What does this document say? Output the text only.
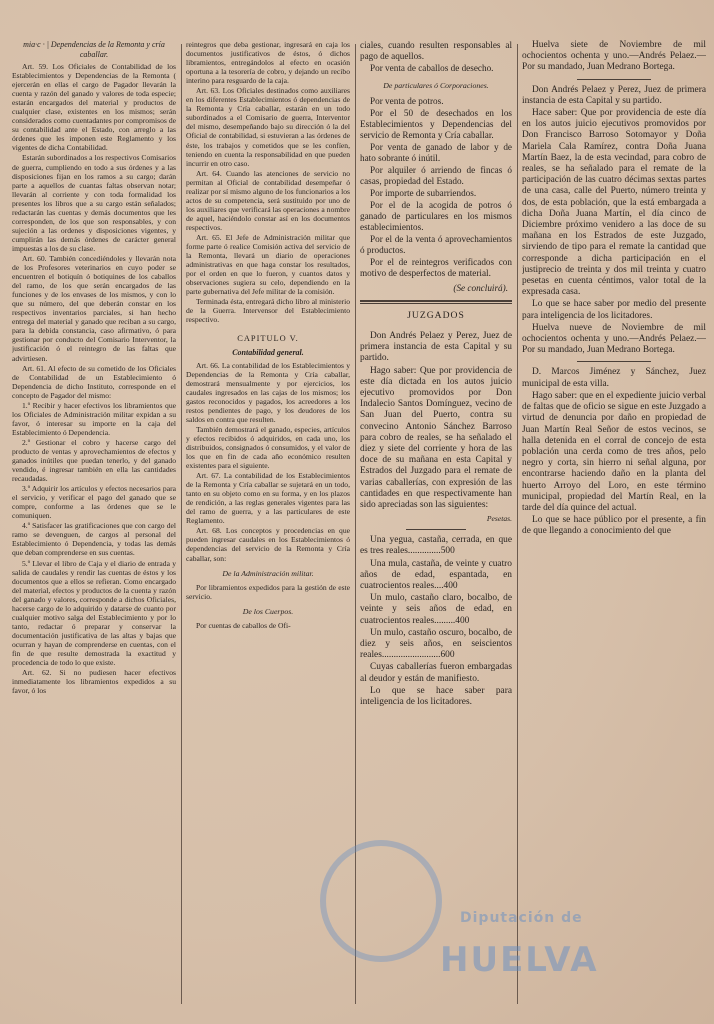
mia·c · | Dependencias de la Remonta y cría caballar.

Art. 59. Los Oficiales de Contabilidad de los Establecimientos y Dependencias de la Remonta ( ejercerán en ellas el cargo de Pagador llevarán la cuenta y razón del ganado y valores de toda especie; estarán encargados del material y productos de cualquier clase, existentes en los mismos; serán considerados como cuentadantes por compromisos de su contabilidad ante el Estado, con arreglo a las órdenes que les imponen este Reglamento y los vigentes de dicha Contabilidad.

Estarán subordinados a los respectivos Comisarios de guerra, cumpliendo en todo a sus órdenes y a las disposiciones fijan en los ramos a su cargo; darán parte a aquellos de cuantas faltas observan notar; llevarán al corriente y con toda formalidad los presentes los libros que a su cargo están señalados; redactarán las cuentas y demás documentos que les corresponden, de los que son responsables, y con sujeción a las ordenes y disposiciones vigentes, y cumplirán las demás órdenes de carácter general impuestas a los de su clase.

Art. 60. También concediéndoles y llevarán nota de los Profesores veterinarios en cuyo poder se encuentren el botiquín ó botiquines de los caballos del ramo, de los que serán encargados de las funciones y de los envases de los mismos, y con lo que su número, del que deberán constar en los respectivos inventarios parciales, si han hecho entrega del material y ganado que reciban a su cargo, para la debida constancia, caso afirmativo, ó para gestionar por conducto del Comisario Interventor, la justificación ó el reintegro de las faltas que advirtiesen.

Art. 61. Al efecto de su cometido de los Oficiales de Contabilidad de un Establecimiento ó Dependencia de dicho Instituto, corresponde en el concepto de Pagador del mismo:

1.º Recibir y hacer efectivos los libramientos que los Oficiales de Administración militar expidan a su favor, ó interesar su importe en la caja del Establecimiento ó Dependencia.

2.º Gestionar el cobro y hacerse cargo del producto de ventas y aprovechamientos de efectos y ganados inútiles que puedan tenerlo, y del ganado vendido, é ingresar también en ella las cantidades recaudadas.

3.º Adquirir los artículos y efectos necesarios para el servicio, y verificar el pago del ganado que se compre, conforme a las órdenes que se le comuniquen.

4.º Satisfacer las gratificaciones que con cargo del ramo se devenguen, de cargos al personal del Establecimiento ó Dependencia, y todas las demás que deban comprenderse en sus cuentas.

5.º Llevar el libro de Caja y el diario de entrada y salida de caudales y rendir las cuentas de éstos y los documentos que a ellos se refieran. Como encargado del material, efectos y productos de la cuenta y razón del ganado y valores, corresponde a dichos Oficiales, hacerse cargo de lo adquirido y datarse de cuanto por cualquier motivo salga del Establecimiento y por lo tanto, redactar ó preparar y conservar la documentación justificativa de las altas y bajas que ocurran y hayan de comprenderse en cuentas, con el fin de que resulte demostrada la exactitud y procedencia de todo lo que existe.

Art. 62. Si no pudiesen hacer efectivos inmediatamente los libramientos expedidos a su favor, ó los

reintegros que deba gestionar, ingresará en caja los documentos justificativos de éstos, ó dichos libramientos, entregándolos al efecto en ocasión oportuna a la tesorería de cobro, y dejando un recibo interino para resguardo de la caja.

Art. 63. Los Oficiales destinados como auxiliares en los diferentes Establecimientos ó dependencias de la Remonta y Cría caballar, estarán en un todo subordinados a el Comisario de guerra, Interventor del mismo, desempeñando bajo su dirección ó la del Oficial de contabilidad, si estuvieran a las órdenes de éste, los trabajos y cometidos que se les confíen, teniendo en cuenta la responsabilidad en que pueden incurrir en otro caso.

Art. 64. Cuando las atenciones de servicio no permitan al Oficial de contabilidad desempeñar ó realizar por sí mismo alguno de los funcionarios a los actos de su competencia, será sustituido por uno de los auxiliares que verificará las operaciones a nombre de aquel, haciéndolo constar así en los documentos respectivos.

Art. 65. El Jefe de Administración militar que forme parte ó realice Comisión activa del servicio de la Remonta, llevará un diario de operaciones administrativas en que haga constar los resultados, por el orden en que lo fueron, y cuantos datos y observaciones sugiera su celo, dependiendo en la parte gubernativa del Jefe militar de la comisión.

Terminada ésta, entregará dicho libro al ministerio de la Guerra. Intervensor del Establecimiento respectivo.

CAPITULO V.
Contabilidad general.

Art. 66. La contabilidad de los Establecimientos y Dependencias de la Remonta y Cría caballar, demostrará mensualmente y por ejercicios, los caudales ingresados en las cajas de los mismos; los gastos reconocidos y pagados, los acreedores a los restos pendientes de pago, y los deudores de los saldos en contra que resulten.

También demostrará el ganado, especies, artículos y efectos recibidos ó adquiridos, en cada uno, los distribuidos, consignados ó consumidos, y el valor de los que en fin de cada año económico resulten existentes para el siguiente.

Art. 67. La contabilidad de los Establecimientos de la Remonta y Cría caballar se sujetará en un todo, tanto en su objeto como en su forma, y en los plazos de rendición, a las reglas generales vigentes para las del ramo de guerra, y a las particulares de este Reglamento.

Art. 68. Los conceptos y procedencias en que pueden ingresar caudales en los Establecimientos ó dependencias del servicio de la Remonta y Cría caballar, son:

De la Administración militar.

Por libramientos expedidos para la gestión de este servicio.

De los Cuerpos.

Por cuentas de caballos de Ofi-

ciales, cuando resulten responsables al pago de aquellos.

Por venta de caballos de desecho.

De particulares ó Corporaciones.

Por venta de potros.

Por el 50 de desechados en los Establecimientos y Dependencias del servicio de Remonta y Cría caballar.

Por venta de ganado de labor y de hato sobrante ó inútil.

Por alquiler ó arriendo de fincas ó casas, propiedad del Estado.

Por importe de subarriendos.

Por el de la acogida de potros ó ganado de particulares en los mismos establecimientos.

Por el de la venta ó aprovechamientos ó productos.

Por el de reintegros verificados con motivo de desperfectos de material.

(Se concluirá).
JUZGADOS

Don Andrés Pelaez y Perez, Juez de primera instancia de esta Capital y su partido.

Hago saber: Que por providencia de este día dictada en los autos juicio ejecutivo promovidos por Don Indalecio Santos Domínguez, vecino de San Juan del Puerto, contra su convecino Antonio Sánchez Barroso para cobro de reales, se ha señalado el diez y siete del corriente y hora de las doce de su mañana en esta Capital y Estrados del Juzgado para el remate de varias caballerías, con expresión de las cantidades en que respectivamente han sido apreciadas son las siguientes:

Pesetas.

Una yegua, castaña, cerrada, en que es tres reales..............500

Una mula, castaña, de veinte y cuatro años de edad, espantada, en cuatrocientos reales....400

Un mulo, castaño claro, bocalbo, de veinte y seis años de edad, en cuatrocientos reales.........400

Un mulo, castaño oscuro, bocalbo, de diez y seis años, en seiscientos reales.........................600

Cuyas caballerías fueron embargadas al deudor y están de manifiesto.

Lo que se hace saber para inteligencia de los licitadores.

Huelva siete de Noviembre de mil ochocientos ochenta y uno.—Andrés Pelaez.—Por su mandado, Juan Medrano Bortega.

Don Andrés Pelaez y Perez, Juez de primera instancia de esta Capital y su partido.

Hace saber: Que por providencia de este día en los autos juicio ejecutivos promovidos por Don Francisco Barroso Sotomayor y Doña Mariela Cala Ramírez, contra Doña Juana Martín Baez, la de esta vecindad, para cobro de reales, se ha señalado para el remate de la participación de las cuatro décimas sextas partes de una casa, calle del Puerto, número treinta y dos, de esta población, que la está embargada a dicha Doña Juana Martín, el día cinco de Diciembre próximo venidero a las doce de su mañana en los Estrados de este Juzgado, sirviendo de tipo para el remate la cantidad que corresponde a dicha participación en el justiprecio de treinta y dos mil treinta y cuatro pesetas en cuenta céntimos, valor total de la expresada casa.

Lo que se hace saber por medio del presente para inteligencia de los licitadores.

Huelva nueve de Noviembre de mil ochocientos ochenta y uno.—Andrés Pelaez.—Por su mandado, Juan Medrano Bortega.

D. Marcos Jiménez y Sánchez, Juez municipal de esta villa.

Hago saber: que en el expediente juicio verbal de faltas que de oficio se sigue en este Juzgado a virtud de denuncia por daño en propiedad de Juan Martín Real Señor de estos vecinos, se halla detenida en el corral de concejo de esta población una cerda como de tres años, pelo negro y corta, sin hierro ni señal alguna, por encontrarse haciendo daño en la planta del huerto Arroyo del Loro, en este término municipal, propiedad del Martín Real, en la tarde del día quince del actual.

Lo que se hace público por el presente, a fin de que llegando a conocimiento del que

Diputación de
HUELVA
